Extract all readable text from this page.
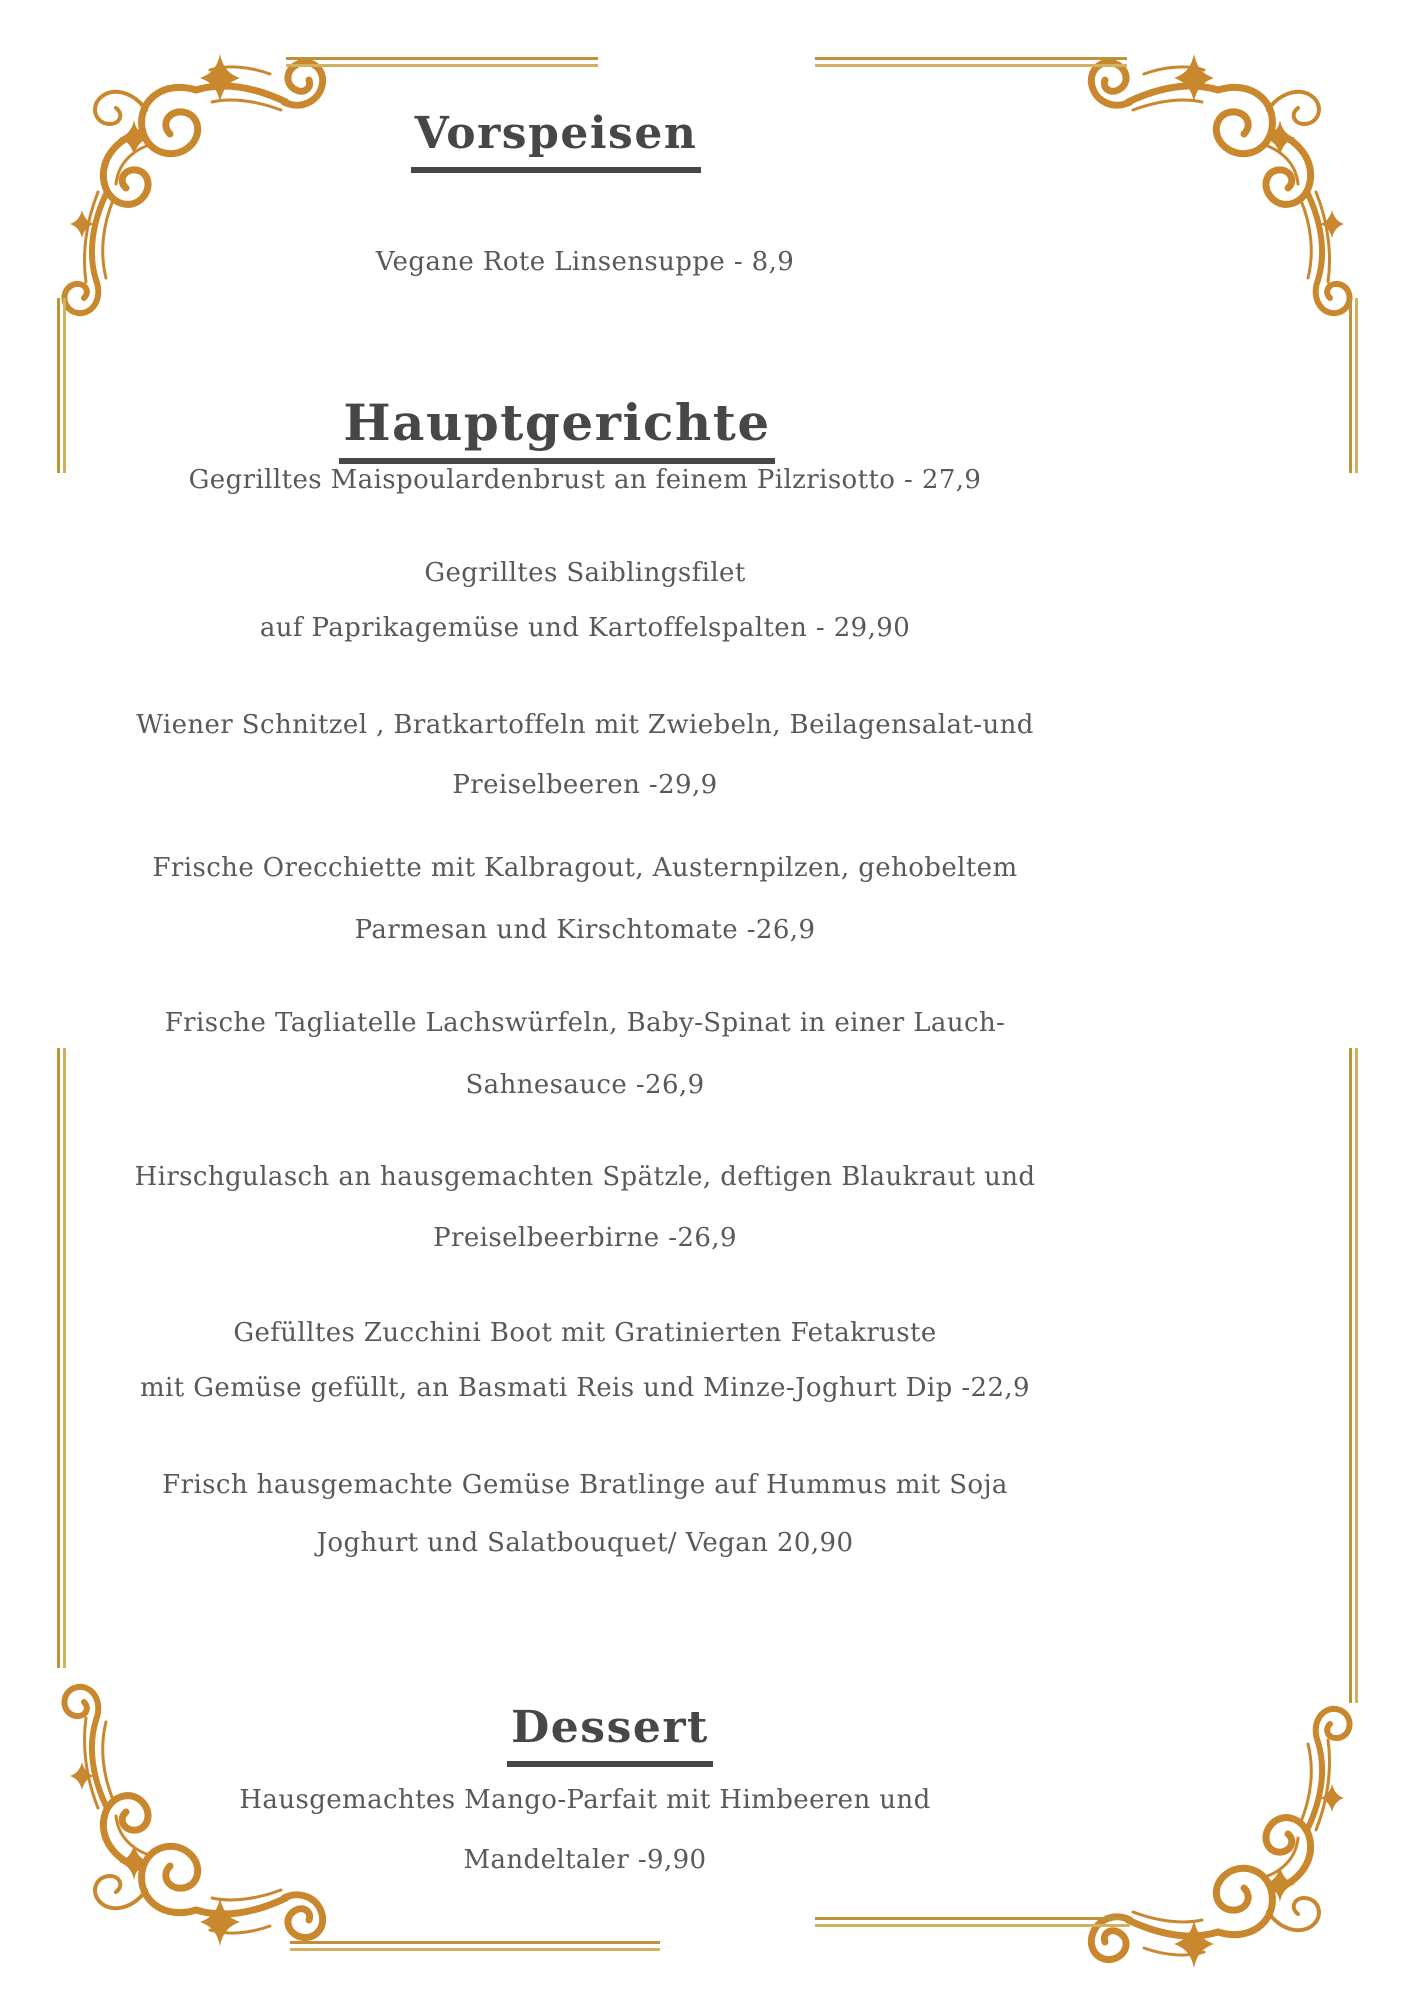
Vorspeisen
Vegane Rote Linsensuppe - 8,9
Hauptgerichte
Gegrilltes Maispoulardenbrust an feinem Pilzrisotto - 27,9
Gegrilltes Saiblingsfilet
auf Paprikagemüse und Kartoffelspalten - 29,90
Wiener Schnitzel , Bratkartoffeln mit Zwiebeln, Beilagensalat-und
Preiselbeeren -29,9
Frische Orecchiette mit Kalbragout, Austernpilzen, gehobeltem
Parmesan und Kirschtomate -26,9
Frische Tagliatelle Lachswürfeln, Baby-Spinat in einer Lauch-
Sahnesauce -26,9
Hirschgulasch an hausgemachten Spätzle, deftigen Blaukraut und
Preiselbeerbirne -26,9
Gefülltes Zucchini Boot mit Gratinierten Fetakruste
mit Gemüse gefüllt, an Basmati Reis und Minze-Joghurt Dip -22,9
Frisch hausgemachte Gemüse Bratlinge auf Hummus mit Soja
Joghurt und Salatbouquet/ Vegan 20,90
Dessert
Hausgemachtes Mango-Parfait mit Himbeeren und
Mandeltaler -9,90
